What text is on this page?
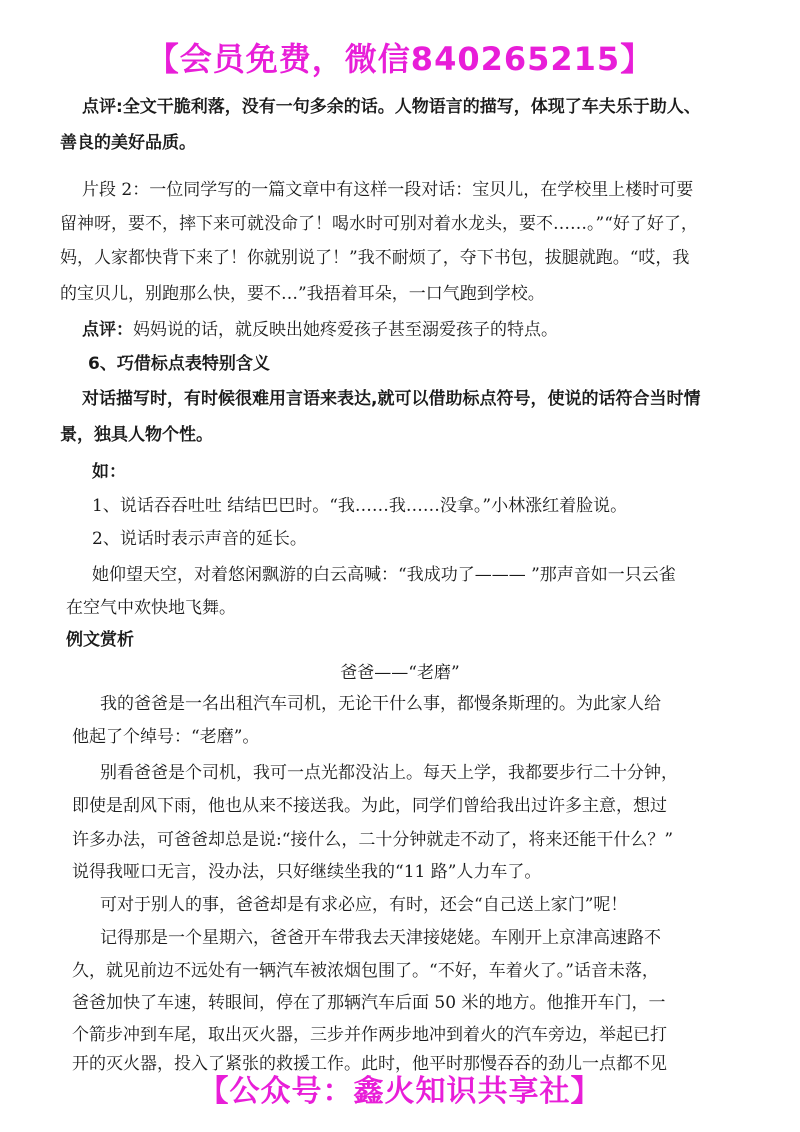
【会员免费，微信840265215】
点评:全文干脆利落，没有一句多余的话。人物语言的描写，体现了车夫乐于助人、
善良的美好品质。
片段 2：一位同学写的一篇文章中有这样一段对话：宝贝儿，在学校里上楼时可要
留神呀，要不，摔下来可就没命了！喝水时可别对着水龙头，要不……。”“好了好了，
妈，人家都快背下来了！你就别说了！”我不耐烦了，夺下书包，拔腿就跑。“哎，我
的宝贝儿，别跑那么快，要不…”我捂着耳朵，一口气跑到学校。
点评：妈妈说的话，就反映出她疼爱孩子甚至溺爱孩子的特点。
6、巧借标点表特别含义
对话描写时，有时候很难用言语来表达,就可以借助标点符号，使说的话符合当时情
景，独具人物个性。
如：
1、说话吞吞吐吐 结结巴巴时。“我……我……没拿。”小林涨红着脸说。
2、说话时表示声音的延长。
她仰望天空，对着悠闲飘游的白云高喊：“我成功了——— ”那声音如一只云雀
在空气中欢快地飞舞。
例文赏析
爸爸——“老磨”
我的爸爸是一名出租汽车司机，无论干什么事，都慢条斯理的。为此家人给
他起了个绰号：“老磨”。
别看爸爸是个司机，我可一点光都没沾上。每天上学，我都要步行二十分钟，
即使是刮风下雨，他也从来不接送我。为此，同学们曾给我出过许多主意，想过
许多办法，可爸爸却总是说:“接什么，二十分钟就走不动了，将来还能干什么？”
说得我哑口无言，没办法，只好继续坐我的“11 路”人力车了。
可对于别人的事，爸爸却是有求必应，有时，还会“自己送上家门”呢！
记得那是一个星期六，爸爸开车带我去天津接姥姥。车刚开上京津高速路不
久，就见前边不远处有一辆汽车被浓烟包围了。“不好，车着火了。”话音未落，
爸爸加快了车速，转眼间，停在了那辆汽车后面 50 米的地方。他推开车门，一
个箭步冲到车尾，取出灭火器，三步并作两步地冲到着火的汽车旁边，举起已打
开的灭火器，投入了紧张的救援工作。此时，他平时那慢吞吞的劲儿一点都不见
【公众号：鑫火知识共享社】
